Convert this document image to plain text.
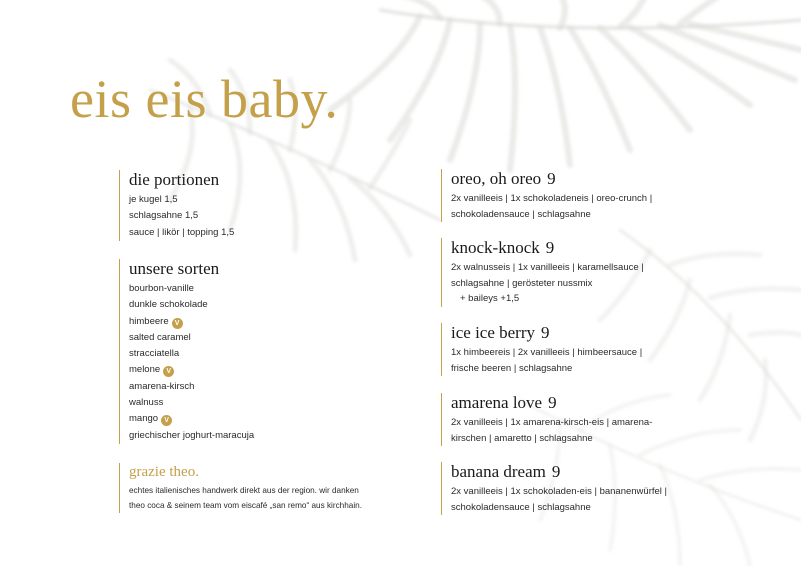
eis eis baby.
die portionen
je kugel 1,5
schlagsahne 1,5
sauce | likör | topping 1,5
unsere sorten
bourbon-vanille
dunkle schokolade
himbeere V
salted caramel
stracciatella
melone V
amarena-kirsch
walnuss
mango V
griechischer joghurt-maracuja
grazie theo.
echtes italienisches handwerk direkt aus der region. wir danken
theo coca & seinem team vom eiscafé „san remo“ aus kirchhain.
oreo, oh oreo 9
2x vanilleeis | 1x schokoladeneis | oreo-crunch |
schokoladensauce | schlagsahne
knock-knock 9
2x walnusseis | 1x vanilleeis | karamellsauce |
schlagsahne | gerösteter nussmix
+ baileys +1,5
ice ice berry 9
1x himbeereis | 2x vanilleeis | himbeersauce |
frische beeren | schlagsahne
amarena love 9
2x vanilleeis | 1x amarena-kirsch-eis | amarena-
kirschen | amaretto | schlagsahne
banana dream 9
2x vanilleeis | 1x schokoladen-eis | bananenwürfel |
schokoladensauce | schlagsahne
